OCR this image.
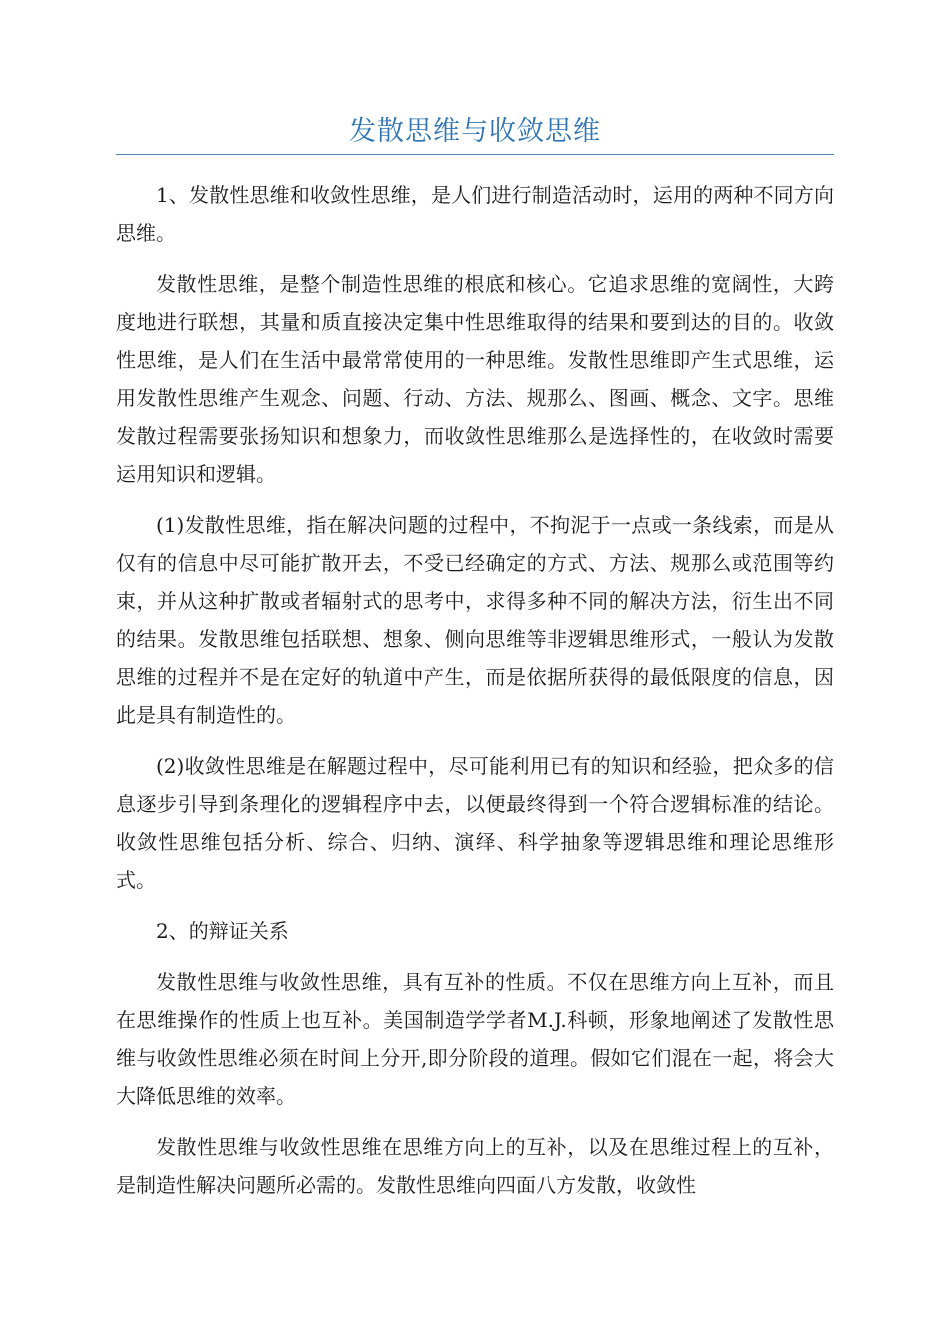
发散思维与收敛思维

1、发散性思维和收敛性思维，是人们进行制造活动时，运用的两种不同方向思维。

发散性思维，是整个制造性思维的根底和核心。它追求思维的宽阔性，大跨度地进行联想，其量和质直接决定集中性思维取得的结果和要到达的目的。收敛性思维，是人们在生活中最常常使用的一种思维。发散性思维即产生式思维，运用发散性思维产生观念、问题、行动、方法、规那么、图画、概念、文字。思维发散过程需要张扬知识和想象力，而收敛性思维那么是选择性的，在收敛时需要运用知识和逻辑。

(1)发散性思维，指在解决问题的过程中，不拘泥于一点或一条线索，而是从仅有的信息中尽可能扩散开去，不受已经确定的方式、方法、规那么或范围等约束，并从这种扩散或者辐射式的思考中，求得多种不同的解决方法，衍生出不同的结果。发散思维包括联想、想象、侧向思维等非逻辑思维形式，一般认为发散思维的过程并不是在定好的轨道中产生，而是依据所获得的最低限度的信息，因此是具有制造性的。

(2)收敛性思维是在解题过程中，尽可能利用已有的知识和经验，把众多的信息逐步引导到条理化的逻辑程序中去，以便最终得到一个符合逻辑标准的结论。收敛性思维包括分析、综合、归纳、演绎、科学抽象等逻辑思维和理论思维形式。

2、的辩证关系

发散性思维与收敛性思维，具有互补的性质。不仅在思维方向上互补，而且在思维操作的性质上也互补。美国制造学学者M.J.科顿，形象地阐述了发散性思维与收敛性思维必须在时间上分开,即分阶段的道理。假如它们混在一起，将会大大降低思维的效率。

发散性思维与收敛性思维在思维方向上的互补，以及在思维过程上的互补，是制造性解决问题所必需的。发散性思维向四面八方发散，收敛性
